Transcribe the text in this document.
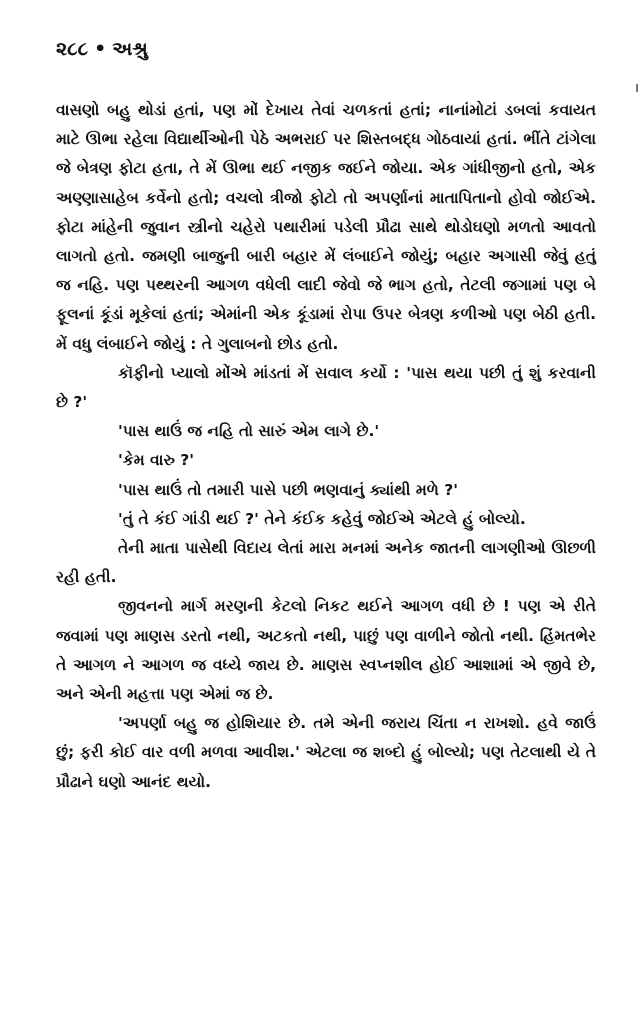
૨૮૮ • અશ્રુ

વાસણો બહુ થોડાં હતાં, પણ મોં દેખાય તેવાં ચળકતાં હતાં; નાનાંમોટાં ડબલાં કવાયત માટે ઊભા રહેલા વિદ્યાર્થીઓની પેઠે અભરાઈ પર શિસ્તબદ્ધ ગોઠવાયાં હતાં. ભીંતે ટાંગેલા જે બેત્રણ ફોટા હતા, તે મેં ઊભા થઈ નજીક જઈને જોયા. એક ગાંધીજીનો હતો, એક અણ્ણાસાહેબ કર્વેનો હતો; વચલો ત્રીજો ફોટો તો અપર્ણાનાં માતાપિતાનો હોવો જોઈએ. ફોટા માંહેની જુવાન સ્ત્રીનો ચહેરો પથારીમાં પડેલી પ્રૌઢા સાથે થોડોઘણો મળતો આવતો લાગતો હતો. જમણી બાજુની બારી બહાર મેં લંબાઈને જોયું; બહાર અગાસી જેવું હતું જ નહિ. પણ પથ્થરની આગળ વધેલી લાદી જેવો જે ભાગ હતો, તેટલી જગામાં પણ બે ફૂલનાં કૂંડાં મૂકેલાં હતાં; એમાંની એક કૂંડામાં રોપા ઉપર બેત્રણ કળીઓ પણ બેઠી હતી. મેં વધુ લંબાઈને જોયું : તે ગુલાબનો છોડ હતો.

કૉફીનો પ્યાલો મોંએ માંડતાં મેં સવાલ કર્યો : 'પાસ થયા પછી તું શું કરવાની છે ?'

'પાસ થાઉં જ નહિ તો સારું એમ લાગે છે.'

'કેમ વારુ ?'

'પાસ થાઉં તો તમારી પાસે પછી ભણવાનું ક્યાંથી મળે ?'

'તું તે કંઈ ગાંડી થઈ ?' તેને કંઈક કહેવું જોઈએ એટલે હું બોલ્યો.

તેની માતા પાસેથી વિદાય લેતાં મારા મનમાં અનેક જાતની લાગણીઓ ઊછળી રહી હતી.

જીવનનો માર્ગ મરણની કેટલો નિકટ થઈને આગળ વધી છે ! પણ એ રીતે જવામાં પણ માણસ ડરતો નથી, અટકતો નથી, પાછું પણ વાળીને જોતો નથી. હિંમતભેર તે આગળ ને આગળ જ વધ્યે જાય છે. માણસ સ્વપ્નશીલ હોઈ આશામાં એ જીવે છે, અને એની મહત્તા પણ એમાં જ છે.

'અપર્ણા બહુ જ હોશિયાર છે. તમે એની જરાય ચિંતા ન રાખશો. હવે જાઉં છું; ફરી કોઈ વાર વળી મળવા આવીશ.' એટલા જ શબ્દો હું બોલ્યો; પણ તેટલાથી યે તે પ્રૌઢાને ઘણો આનંદ થયો.
